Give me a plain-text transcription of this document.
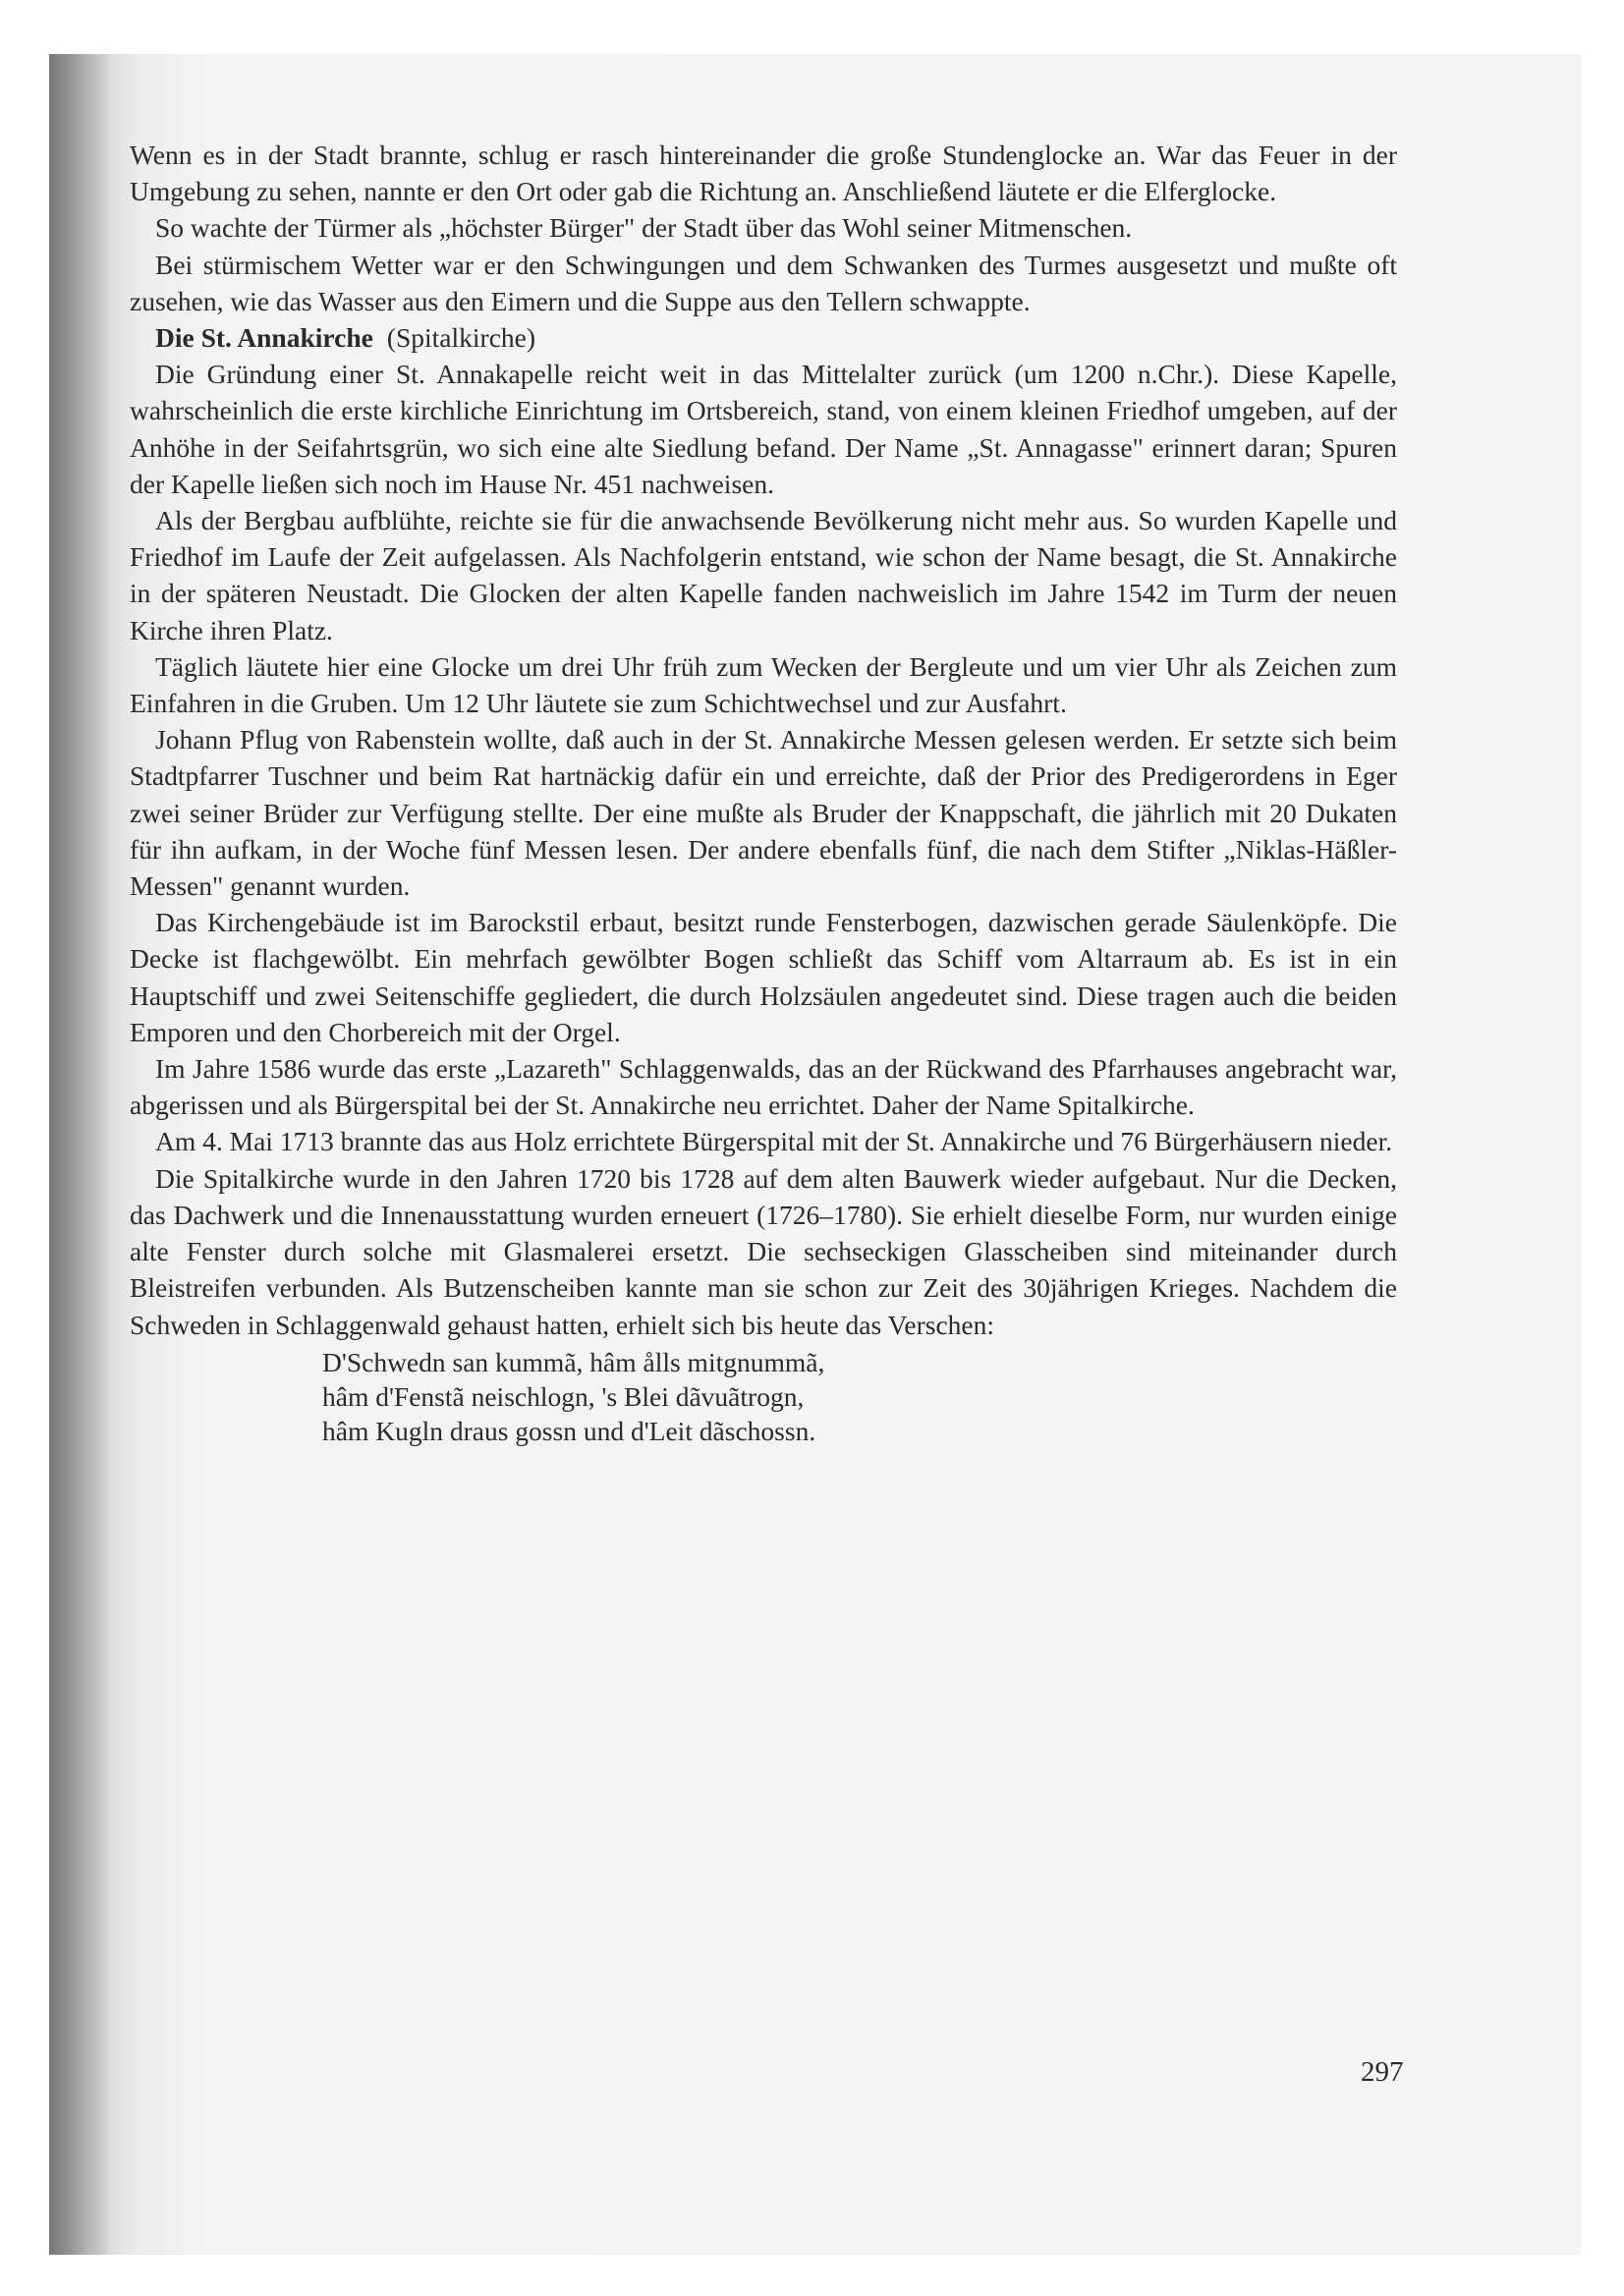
Wenn es in der Stadt brannte, schlug er rasch hintereinander die große Stundenglocke an. War das Feuer in der Umgebung zu sehen, nannte er den Ort oder gab die Richtung an. Anschließend läutete er die Elferglocke.

So wachte der Türmer als „höchster Bürger" der Stadt über das Wohl seiner Mitmenschen.

Bei stürmischem Wetter war er den Schwingungen und dem Schwanken des Turmes ausgesetzt und mußte oft zusehen, wie das Wasser aus den Eimern und die Suppe aus den Tellern schwappte.

Die St. Annakirche (Spitalkirche)

Die Gründung einer St. Annakapelle reicht weit in das Mittelalter zurück (um 1200 n.Chr.). Diese Kapelle, wahrscheinlich die erste kirchliche Einrichtung im Ortsbereich, stand, von einem kleinen Friedhof umgeben, auf der Anhöhe in der Seifahrtsgrün, wo sich eine alte Siedlung befand. Der Name „St. Annagasse" erinnert daran; Spuren der Kapelle ließen sich noch im Hause Nr. 451 nachweisen.

Als der Bergbau aufblühte, reichte sie für die anwachsende Bevölkerung nicht mehr aus. So wurden Kapelle und Friedhof im Laufe der Zeit aufgelassen. Als Nachfolgerin entstand, wie schon der Name besagt, die St. Annakirche in der späteren Neustadt. Die Glocken der alten Kapelle fanden nachweislich im Jahre 1542 im Turm der neuen Kirche ihren Platz.

Täglich läutete hier eine Glocke um drei Uhr früh zum Wecken der Bergleute und um vier Uhr als Zeichen zum Einfahren in die Gruben. Um 12 Uhr läutete sie zum Schichtwechsel und zur Ausfahrt.

Johann Pflug von Rabenstein wollte, daß auch in der St. Annakirche Messen gelesen werden. Er setzte sich beim Stadtpfarrer Tuschner und beim Rat hartnäckig dafür ein und erreichte, daß der Prior des Predigerordens in Eger zwei seiner Brüder zur Verfügung stellte. Der eine mußte als Bruder der Knappschaft, die jährlich mit 20 Dukaten für ihn aufkam, in der Woche fünf Messen lesen. Der andere ebenfalls fünf, die nach dem Stifter „Niklas-Häßler-Messen" genannt wurden.

Das Kirchengebäude ist im Barockstil erbaut, besitzt runde Fensterbogen, dazwischen gerade Säulenköpfe. Die Decke ist flachgewölbt. Ein mehrfach gewölbter Bogen schließt das Schiff vom Altarraum ab. Es ist in ein Hauptschiff und zwei Seitenschiffe gegliedert, die durch Holzsäulen angedeutet sind. Diese tragen auch die beiden Emporen und den Chorbereich mit der Orgel.

Im Jahre 1586 wurde das erste „Lazareth" Schlaggenwalds, das an der Rückwand des Pfarrhauses angebracht war, abgerissen und als Bürgerspital bei der St. Annakirche neu errichtet. Daher der Name Spitalkirche.

Am 4. Mai 1713 brannte das aus Holz errichtete Bürgerspital mit der St. Annakirche und 76 Bürgerhäusern nieder.

Die Spitalkirche wurde in den Jahren 1720 bis 1728 auf dem alten Bauwerk wieder aufgebaut. Nur die Decken, das Dachwerk und die Innenausstattung wurden erneuert (1726–1780). Sie erhielt dieselbe Form, nur wurden einige alte Fenster durch solche mit Glasmalerei ersetzt. Die sechseckigen Glasscheiben sind miteinander durch Bleistreifen verbunden. Als Butzenscheiben kannte man sie schon zur Zeit des 30jährigen Krieges. Nachdem die Schweden in Schlaggenwald gehaust hatten, erhielt sich bis heute das Verschen:

D'Schwedn san kummã, hâm ålls mitgnummã,
hâm d'Fenstã neischlogn, 's Blei dãvuãtrogn,
hâm Kugln draus gossn und d'Leit dãschossn.
297
